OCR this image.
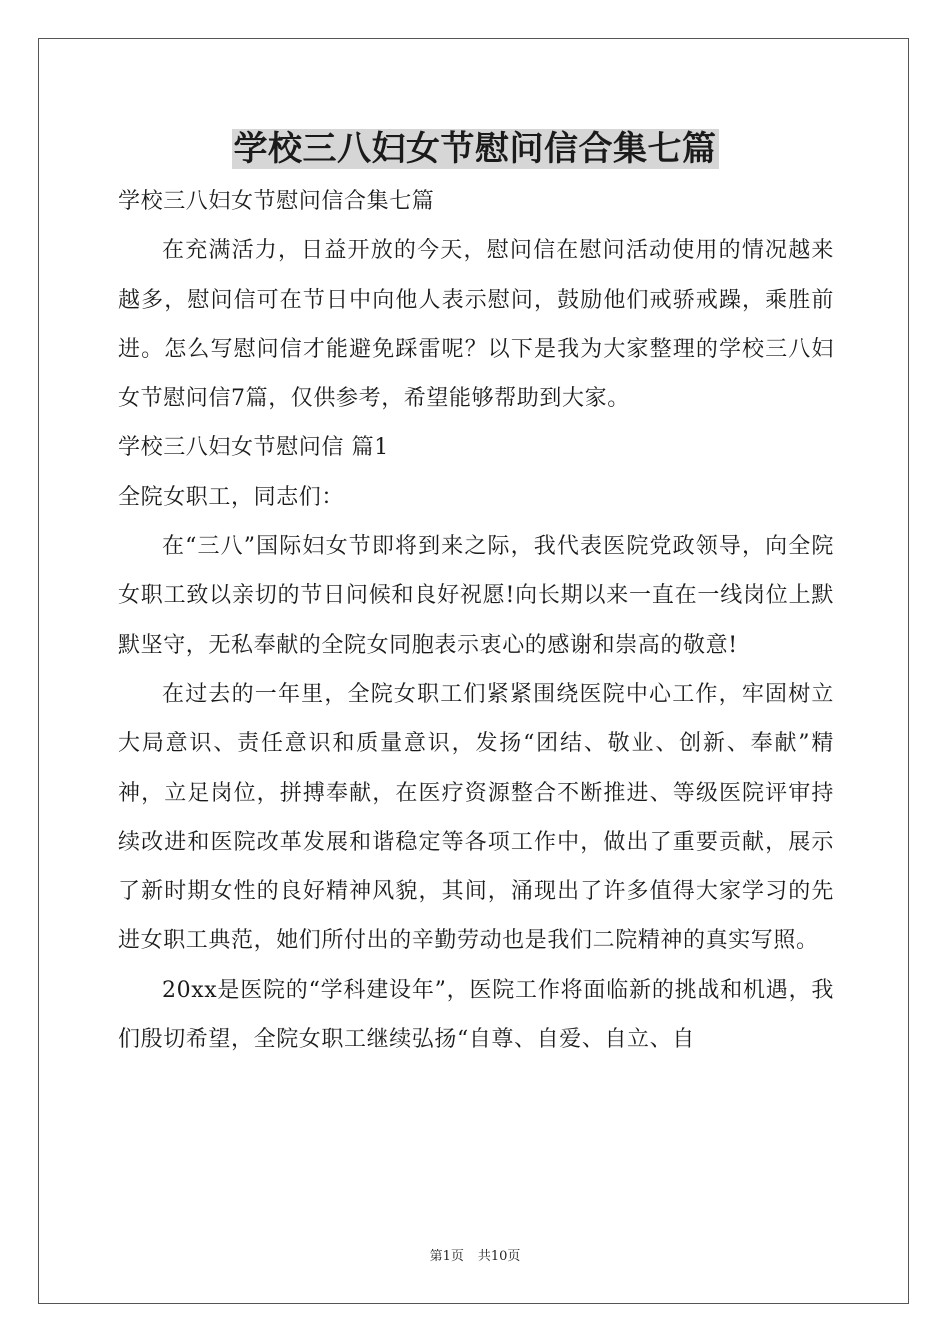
学校三八妇女节慰问信合集七篇

学校三八妇女节慰问信合集七篇

在充满活力，日益开放的今天，慰问信在慰问活动使用的情况越来越多，慰问信可在节日中向他人表示慰问，鼓励他们戒骄戒躁，乘胜前进。怎么写慰问信才能避免踩雷呢？以下是我为大家整理的学校三八妇女节慰问信7篇，仅供参考，希望能够帮助到大家。

学校三八妇女节慰问信 篇1

全院女职工，同志们：

在“三八”国际妇女节即将到来之际，我代表医院党政领导，向全院女职工致以亲切的节日问候和良好祝愿!向长期以来一直在一线岗位上默默坚守，无私奉献的全院女同胞表示衷心的感谢和崇高的敬意!

在过去的一年里，全院女职工们紧紧围绕医院中心工作，牢固树立大局意识、责任意识和质量意识，发扬“团结、敬业、创新、奉献”精神，立足岗位，拼搏奉献，在医疗资源整合不断推进、等级医院评审持续改进和医院改革发展和谐稳定等各项工作中，做出了重要贡献，展示了新时期女性的良好精神风貌，其间，涌现出了许多值得大家学习的先进女职工典范，她们所付出的辛勤劳动也是我们二院精神的真实写照。

20xx是医院的“学科建设年”，医院工作将面临新的挑战和机遇，我们殷切希望，全院女职工继续弘扬“自尊、自爱、自立、自

第1页 共10页
